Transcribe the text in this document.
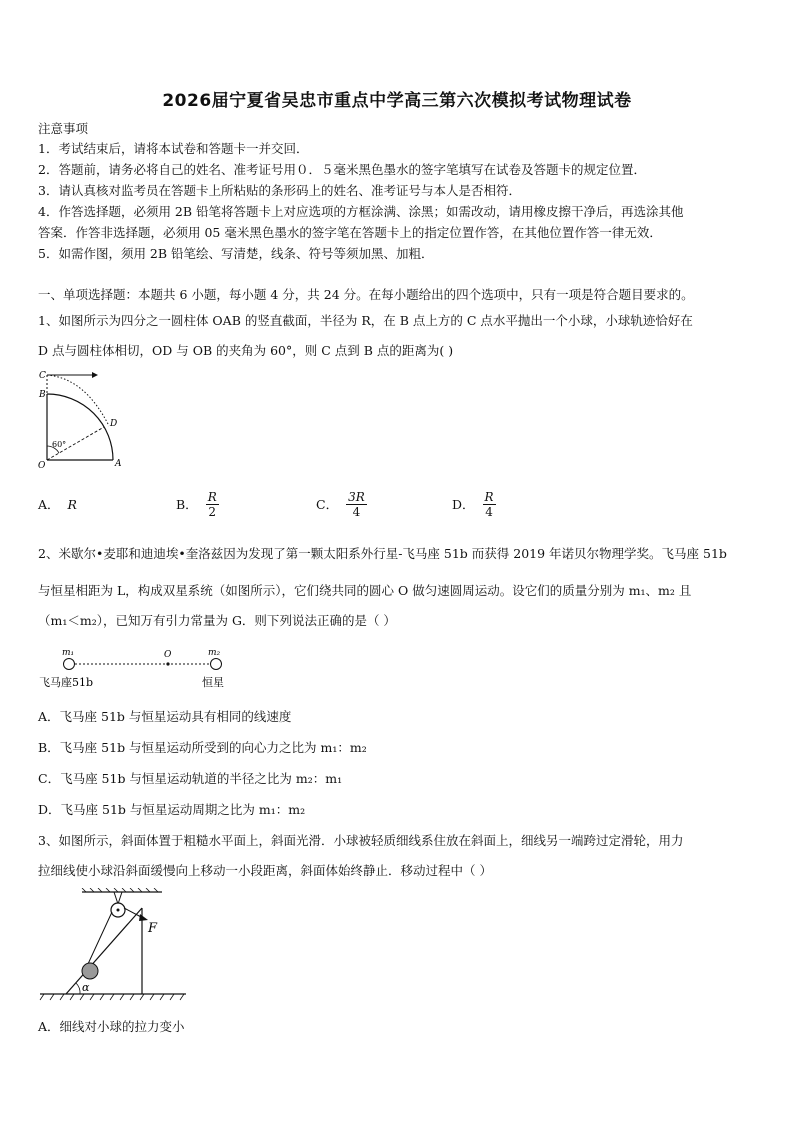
2026届宁夏省吴忠市重点中学高三第六次模拟考试物理试卷
注意事项
1．考试结束后，请将本试卷和答题卡一并交回．
2．答题前，请务必将自己的姓名、准考证号用０．５毫米黑色墨水的签字笔填写在试卷及答题卡的规定位置．
3．请认真核对监考员在答题卡上所粘贴的条形码上的姓名、准考证号与本人是否相符．
4．作答选择题，必须用 2B 铅笔将答题卡上对应选项的方框涂满、涂黑；如需改动，请用橡皮擦干净后，再选涂其他
答案．作答非选择题，必须用 05 毫米黑色墨水的签字笔在答题卡上的指定位置作答，在其他位置作答一律无效．
5．如需作图，须用 2B 铅笔绘、写清楚，线条、符号等须加黑、加粗．
一、单项选择题：本题共 6 小题，每小题 4 分，共 24 分。在每小题给出的四个选项中，只有一项是符合题目要求的。
1、如图所示为四分之一圆柱体 OAB 的竖直截面，半径为 R，在 B 点上方的 C 点水平抛出一个小球，小球轨迹恰好在
D 点与圆柱体相切，OD 与 OB 的夹角为 60°，则 C 点到 B 点的距离为( )
C
B
D
O	A
60°
A． R	B． $\frac{R}{2}$	C． $\frac{3R}{4}$	D． $\frac{R}{4}$
2、米歇尔•麦耶和迪迪埃•奎洛兹因为发现了第一颗太阳系外行星-飞马座 51b 而获得 2019 年诺贝尔物理学奖。飞马座 51b
与恒星相距为 L，构成双星系统（如图所示），它们绕共同的圆心 O 做匀速圆周运动。设它们的质量分别为 m₁、m₂ 且
（m₁＜m₂），已知万有引力常量为 G．则下列说法正确的是（ ）
m₁	O	m₂
飞马座51b	恒星
A．飞马座 51b 与恒星运动具有相同的线速度
B．飞马座 51b 与恒星运动所受到的向心力之比为 m₁：m₂
C．飞马座 51b 与恒星运动轨道的半径之比为 m₂：m₁
D．飞马座 51b 与恒星运动周期之比为 m₁：m₂
3、如图所示，斜面体置于粗糙水平面上，斜面光滑．小球被轻质细线系住放在斜面上，细线另一端跨过定滑轮，用力
拉细线使小球沿斜面缓慢向上移动一小段距离，斜面体始终静止．移动过程中（ ）
F
α
A．细线对小球的拉力变小
